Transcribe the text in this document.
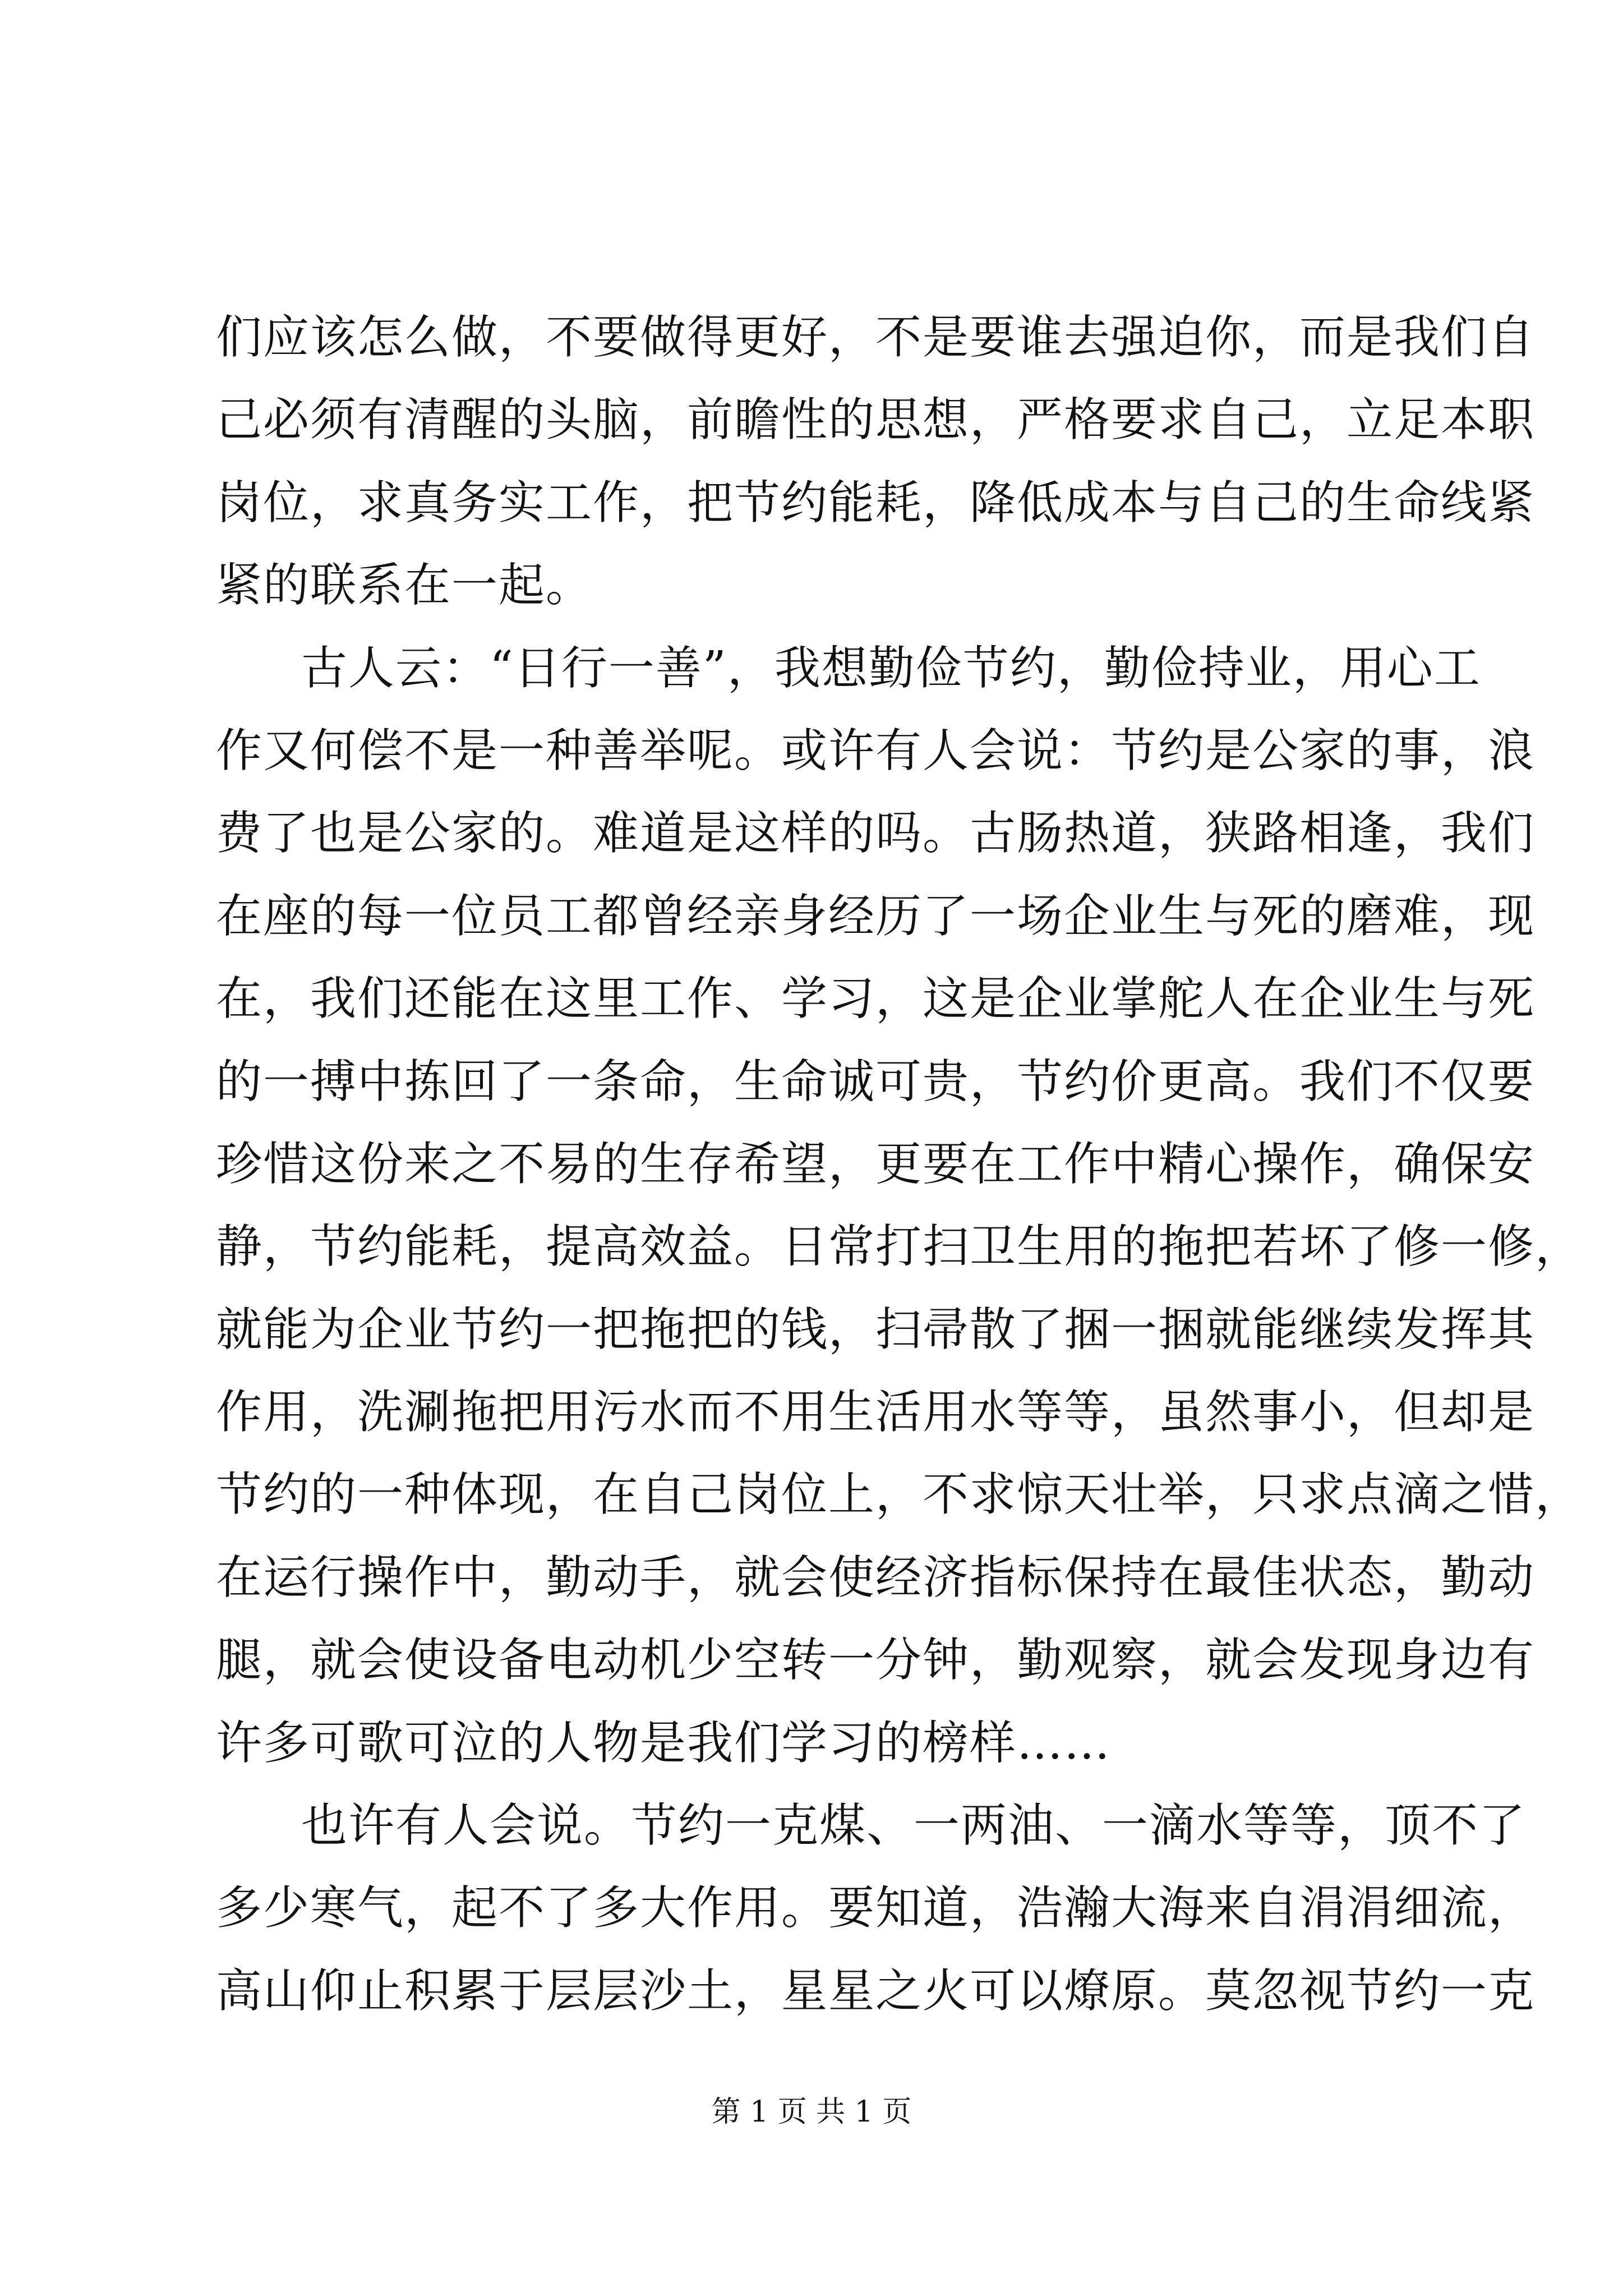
们应该怎么做，不要做得更好，不是要谁去强迫你，而是我们自
己必须有清醒的头脑，前瞻性的思想，严格要求自己，立足本职
岗位，求真务实工作，把节约能耗，降低成本与自己的生命线紧
紧的联系在一起。
古人云：“日行一善”，我想勤俭节约，勤俭持业，用心工
作又何偿不是一种善举呢。或许有人会说：节约是公家的事，浪
费了也是公家的。难道是这样的吗。古肠热道，狭路相逢，我们
在座的每一位员工都曾经亲身经历了一场企业生与死的磨难，现
在，我们还能在这里工作、学习，这是企业掌舵人在企业生与死
的一搏中拣回了一条命，生命诚可贵，节约价更高。我们不仅要
珍惜这份来之不易的生存希望，更要在工作中精心操作，确保安
静，节约能耗，提高效益。日常打扫卫生用的拖把若坏了修一修，
就能为企业节约一把拖把的钱，扫帚散了捆一捆就能继续发挥其
作用，洗涮拖把用污水而不用生活用水等等，虽然事小，但却是
节约的一种体现，在自己岗位上，不求惊天壮举，只求点滴之惜，
在运行操作中，勤动手，就会使经济指标保持在最佳状态，勤动
腿，就会使设备电动机少空转一分钟，勤观察，就会发现身边有
许多可歌可泣的人物是我们学习的榜样……
也许有人会说。节约一克煤、一两油、一滴水等等，顶不了
多少寒气，起不了多大作用。要知道，浩瀚大海来自涓涓细流，
高山仰止积累于层层沙土，星星之火可以燎原。莫忽视节约一克
第 1 页 共 1 页
